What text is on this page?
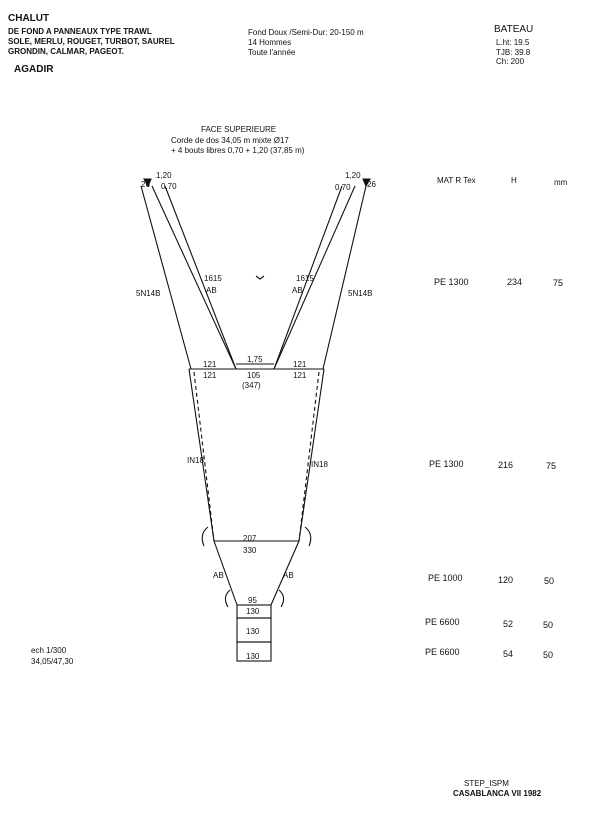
CHALUT
DE FOND A PANNEAUX TYPE TRAWL
SOLE, MERLU, ROUGET, TURBOT, SAUREL
GRONDIN, CALMAR, PAGEOT.
AGADIR
Fond Doux /Semi-Dur: 20-150 m
14 Hommes
Toute l'année
BATEAU
L.ht: 19.5
TJB: 39.8
Ch: 200
FACE SUPERIEURE
Corde de dos 34,05 m mixte Ø17
+ 4 bouts libres 0,70 + 1,20 (37,85 m)
1,20
26 0,70
1,20
26
0,70
5N14B	5N14B
1615
AB
1615
AB
1,75
121
121
121
121
105
(347)
IN18	IN18
207
330
AB	AB
95
130
130
130
MAT R Tex	H	mm
PE 1300	234	75
PE 1300	216	75
PE 1000	120	50
PE 6600	52	50
PE 6600	54	50
ech 1/300
34,05/47,30
STEP_ISPM
CASABLANCA VII 1982
